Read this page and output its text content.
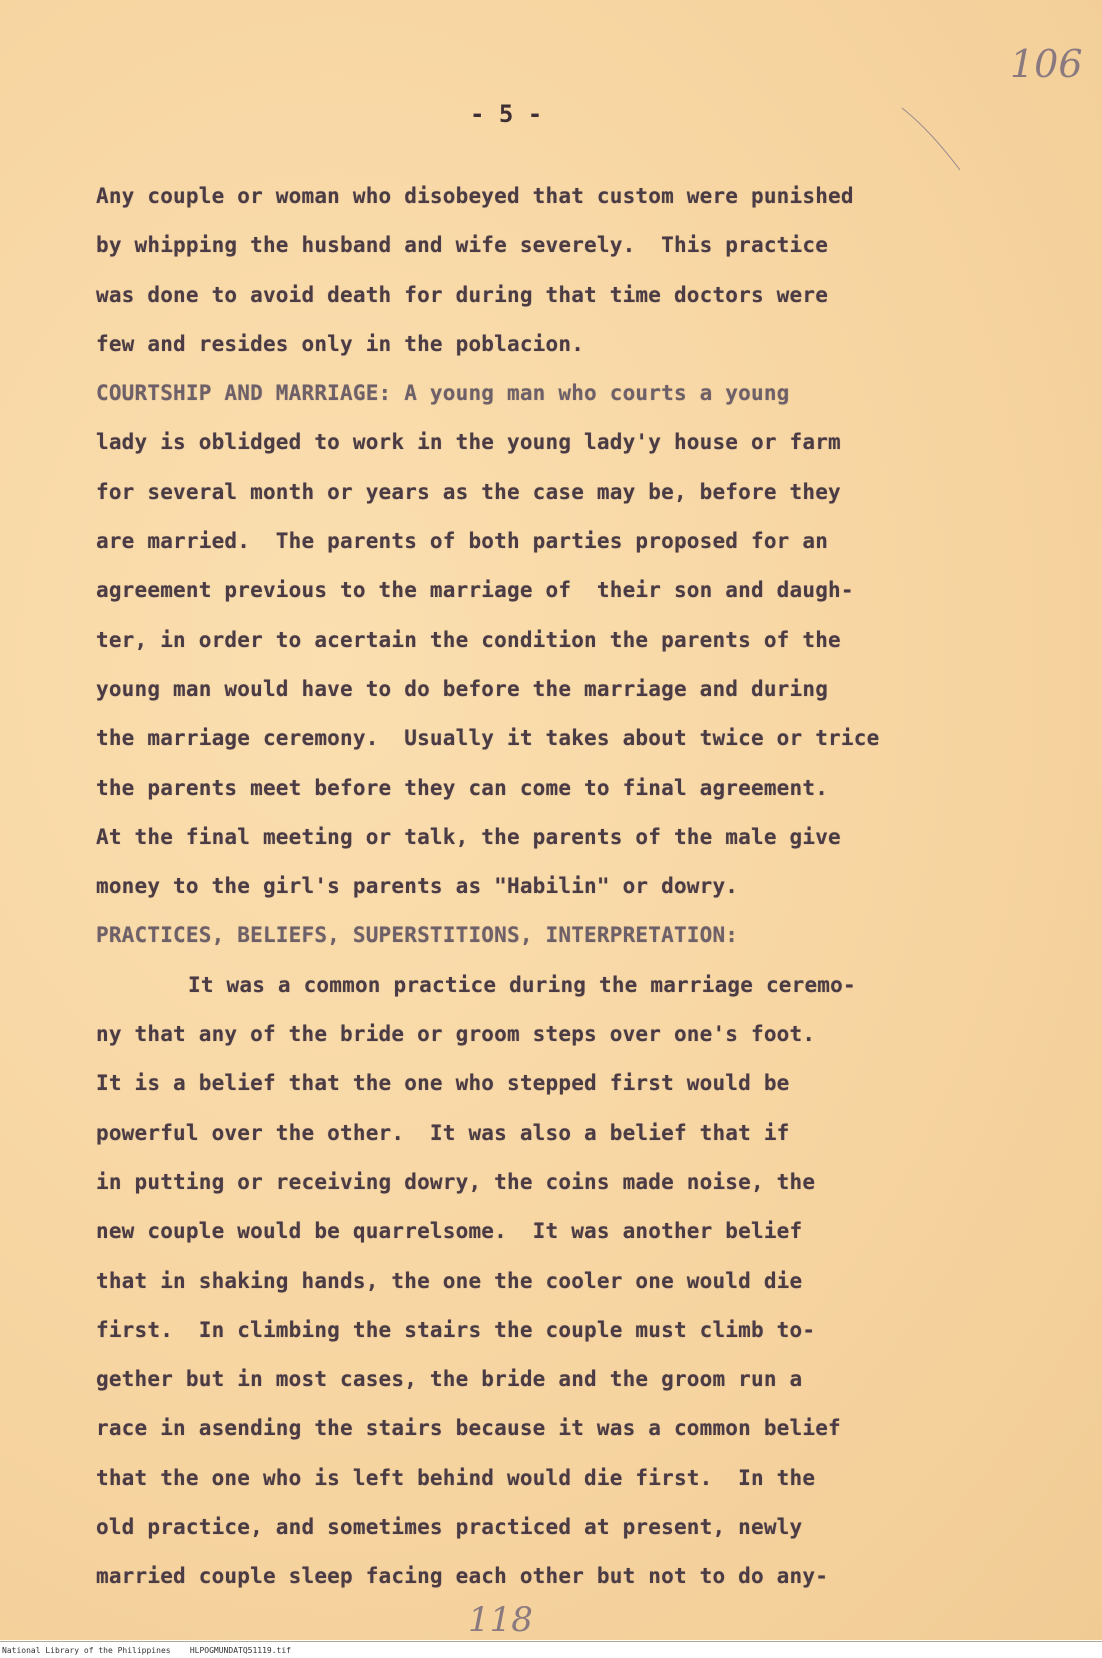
106
- 5 -
Any couple or woman who disobeyed that custom were punished
by whipping the husband and wife severely.  This practice
was done to avoid death for during that time doctors were
few and resides only in the poblacion.
COURTSHIP AND MARRIAGE: A young man who courts a young
lady is oblidged to work in the young lady'y house or farm
for several month or years as the case may be, before they
are married.  The parents of both parties proposed for an
agreement previous to the marriage of  their son and daugh-
ter, in order to acertain the condition the parents of the
young man would have to do before the marriage and during
the marriage ceremony.  Usually it takes about twice or trice
the parents meet before they can come to final agreement.
At the final meeting or talk, the parents of the male give
money to the girl's parents as "Habilin" or dowry.
PRACTICES, BELIEFS, SUPERSTITIONS, INTERPRETATION:
It was a common practice during the marriage ceremo-
ny that any of the bride or groom steps over one's foot.
It is a belief that the one who stepped first would be
powerful over the other.  It was also a belief that if
in putting or receiving dowry, the coins made noise, the
new couple would be quarrelsome.  It was another belief
that in shaking hands, the one the cooler one would die
first.  In climbing the stairs the couple must climb to-
gether but in most cases, the bride and the groom run a
race in asending the stairs because it was a common belief
that the one who is left behind would die first.  In the
old practice, and sometimes practiced at present, newly
married couple sleep facing each other but not to do any-
118
National Library of the Philippines    HLPOGMUNDATQ51119.tif
